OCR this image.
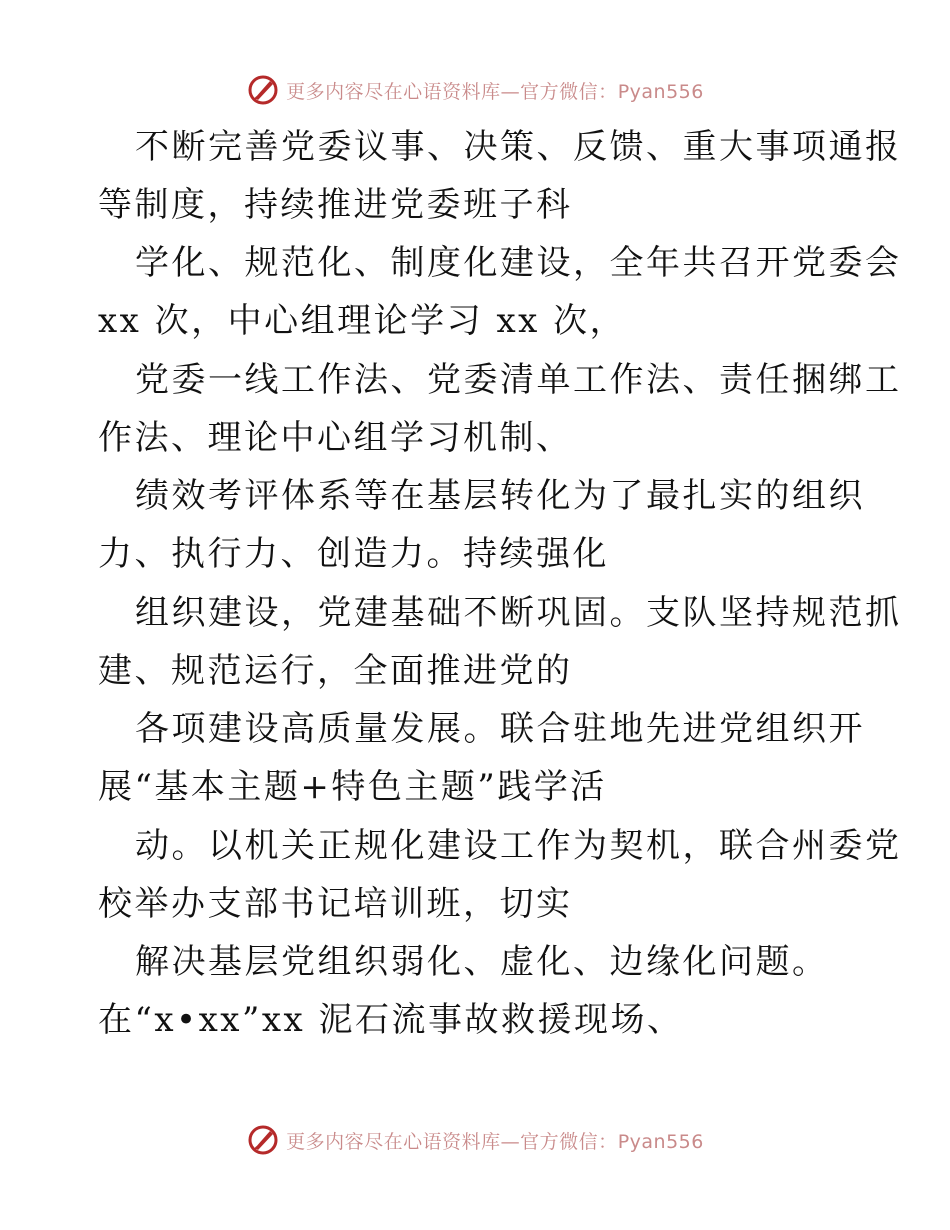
更多内容尽在心语资料库—官方微信：Pyan556
不断完善党委议事、决策、反馈、重大事项通报
等制度，持续推进党委班子科
学化、规范化、制度化建设，全年共召开党委会
xx 次，中心组理论学习 xx 次，
党委一线工作法、党委清单工作法、责任捆绑工
作法、理论中心组学习机制、
绩效考评体系等在基层转化为了最扎实的组织
力、执行力、创造力。持续强化
组织建设，党建基础不断巩固。支队坚持规范抓
建、规范运行，全面推进党的
各项建设高质量发展。联合驻地先进党组织开
展“基本主题+特色主题”践学活
动。以机关正规化建设工作为契机，联合州委党
校举办支部书记培训班，切实
解决基层党组织弱化、虚化、边缘化问题。
在“x•xx”xx 泥石流事故救援现场、
更多内容尽在心语资料库—官方微信：Pyan556
